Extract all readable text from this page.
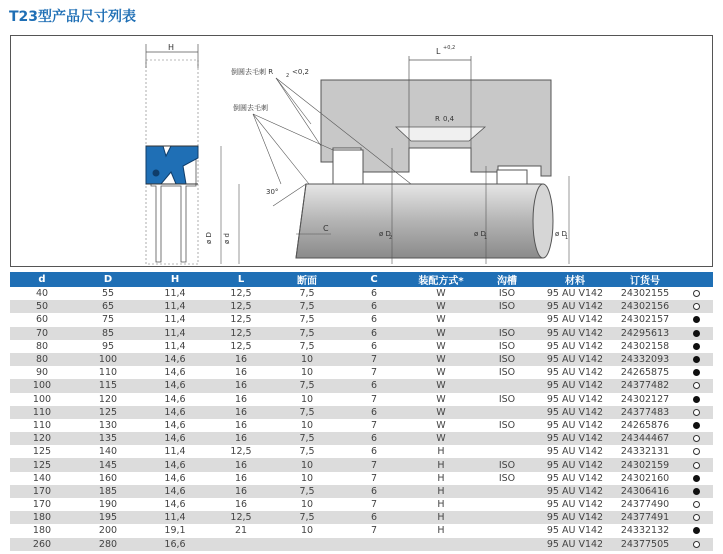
T23型产品尺寸列表
H	L +0,2
倒圆去毛刺 R	2 <0,2
倒圆去毛刺
R 0,4
30°
C
ø D ø d	ø D
2	ø D
1	ø D
1
d	D	H	L	断面	C	装配方式*	沟槽	材料	订货号	
40	55	11,4	12,5	7,5	6	W	ISO	95 AU V142	24302155	
50	65	11,4	12,5	7,5	6	W	ISO	95 AU V142	24302156	
60	75	11,4	12,5	7,5	6	W		95 AU V142	24302157	
70	85	11,4	12,5	7,5	6	W	ISO	95 AU V142	24295613	
80	95	11,4	12,5	7,5	6	W	ISO	95 AU V142	24302158	
80	100	14,6	16	10	7	W	ISO	95 AU V142	24332093	
90	110	14,6	16	10	7	W	ISO	95 AU V142	24265875	
100	115	14,6	16	7,5	6	W		95 AU V142	24377482	
100	120	14,6	16	10	7	W	ISO	95 AU V142	24302127	
110	125	14,6	16	7,5	6	W		95 AU V142	24377483	
110	130	14,6	16	10	7	W	ISO	95 AU V142	24265876	
120	135	14,6	16	7,5	6	W		95 AU V142	24344467	
125	140	11,4	12,5	7,5	6	H		95 AU V142	24332131	
125	145	14,6	16	10	7	H	ISO	95 AU V142	24302159	
140	160	14,6	16	10	7	H	ISO	95 AU V142	24302160	
170	185	14,6	16	7,5	6	H		95 AU V142	24306416	
170	190	14,6	16	10	7	H		95 AU V142	24377490	
180	195	11,4	12,5	7,5	6	H		95 AU V142	24377491	
180	200	19,1	21	10	7	H		95 AU V142	24332132	
260	280	16,6						95 AU V142	24377505	
